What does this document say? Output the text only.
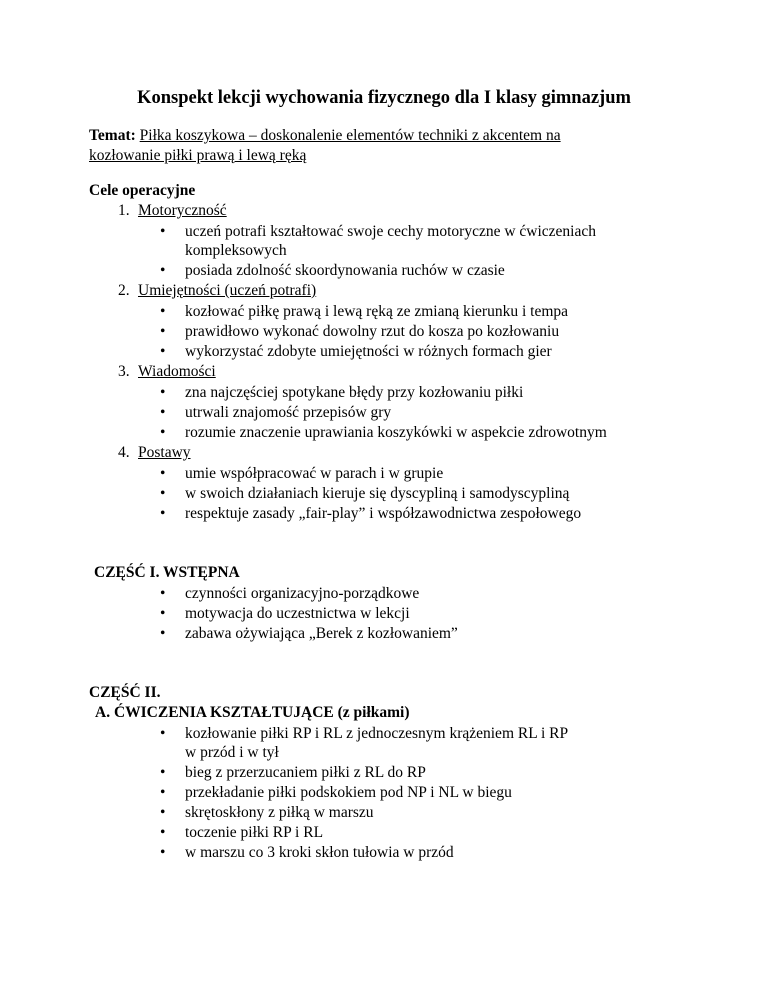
Konspekt lekcji wychowania fizycznego dla I klasy gimnazjum
Temat: Piłka koszykowa – doskonalenie elementów techniki z akcentem na
kozłowanie piłki prawą i lewą ręką
Cele operacyjne
1. Motoryczność
• uczeń potrafi kształtować swoje cechy motoryczne w ćwiczeniach
kompleksowych
• posiada zdolność skoordynowania ruchów w czasie
2. Umiejętności (uczeń potrafi)
• kozłować piłkę prawą i lewą ręką ze zmianą kierunku i tempa
• prawidłowo wykonać dowolny rzut do kosza po kozłowaniu
• wykorzystać zdobyte umiejętności w różnych formach gier
3. Wiadomości
• zna najczęściej spotykane błędy przy kozłowaniu piłki
• utrwali znajomość przepisów gry
• rozumie znaczenie uprawiania koszykówki w aspekcie zdrowotnym
4. Postawy
• umie współpracować w parach i w grupie
• w swoich działaniach kieruje się dyscypliną i samodyscypliną
• respektuje zasady „fair-play” i współzawodnictwa zespołowego
CZĘŚĆ I. WSTĘPNA
• czynności organizacyjno-porządkowe
• motywacja do uczestnictwa w lekcji
• zabawa ożywiająca „Berek z kozłowaniem”
CZĘŚĆ II.
A. ĆWICZENIA KSZTAŁTUJĄCE (z piłkami)
• kozłowanie piłki RP i RL z jednoczesnym krążeniem RL i RP
w przód i w tył
• bieg z przerzucaniem piłki z RL do RP
• przekładanie piłki podskokiem pod NP i NL w biegu
• skrętoskłony z piłką w marszu
• toczenie piłki RP i RL
• w marszu co 3 kroki skłon tułowia w przód
